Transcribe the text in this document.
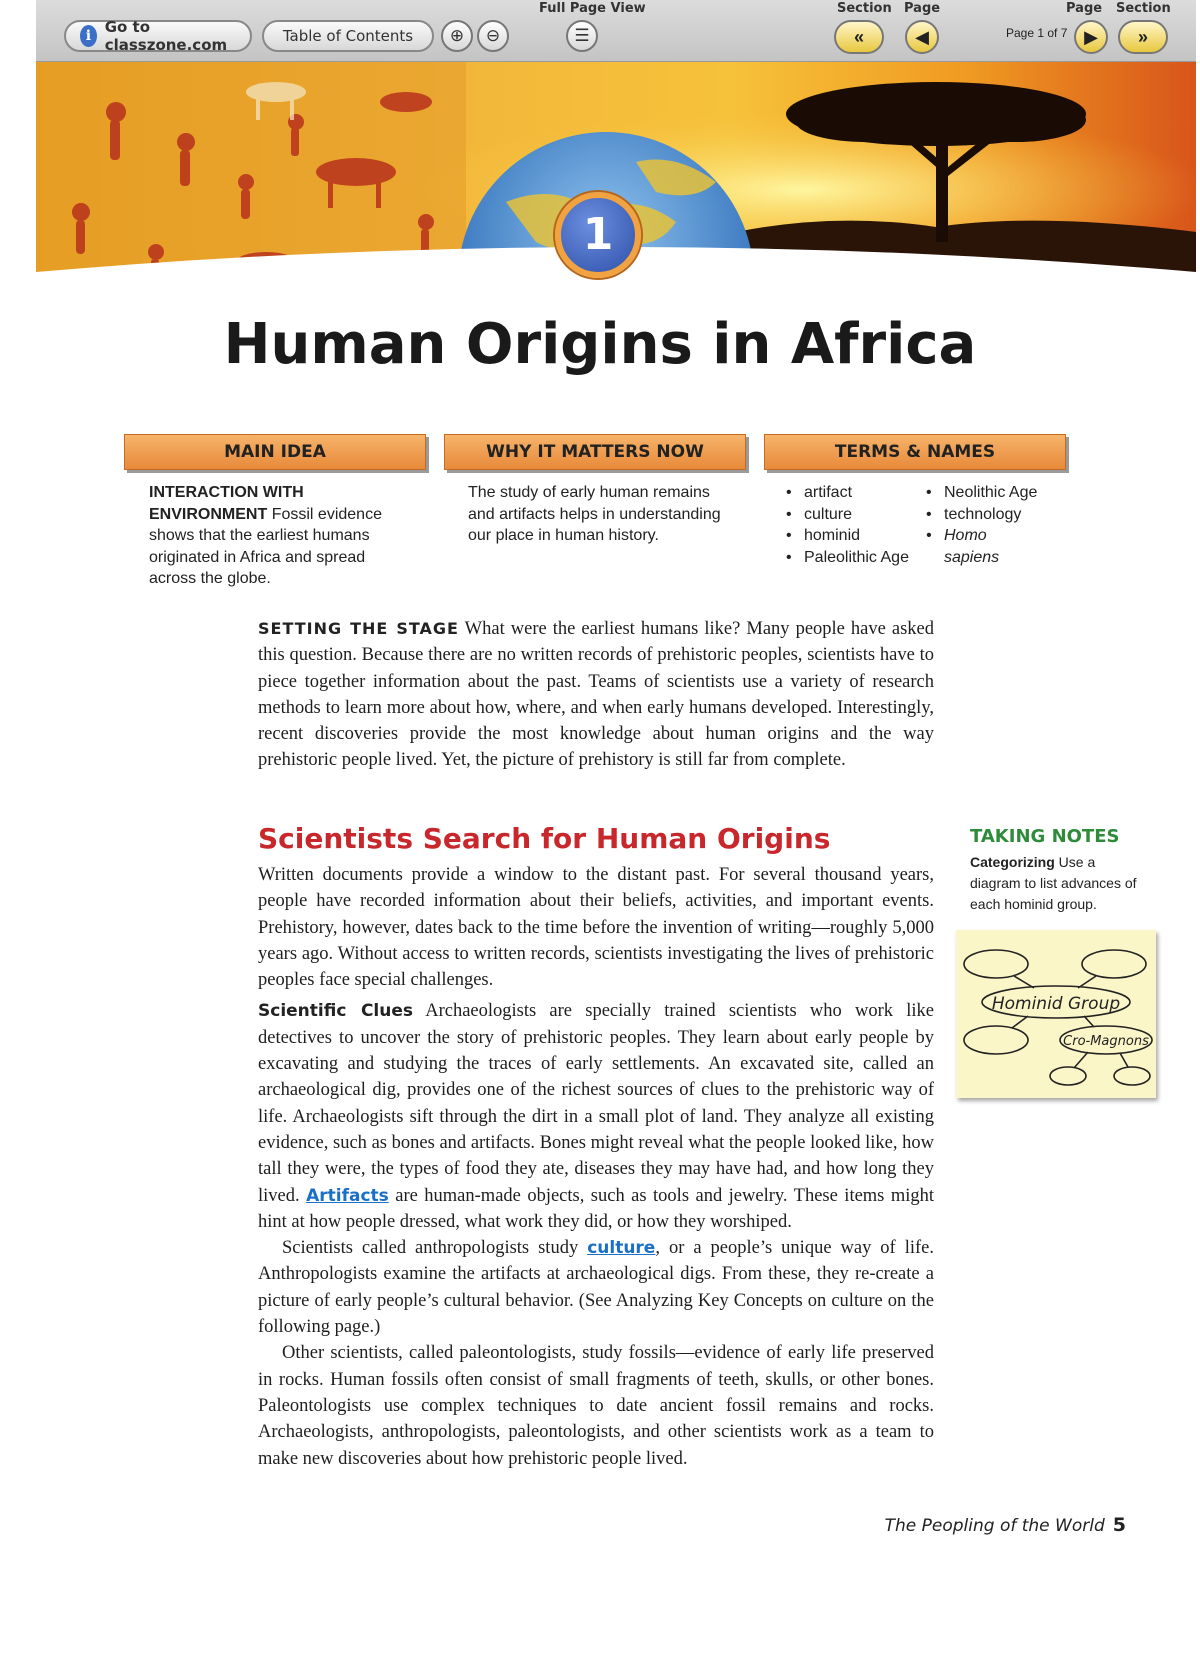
i Go to classzone.com	Table of Contents ⊕ ⊖
Full Page View
☰
Section Page
«	◀	Page 1 of 7
Page Section
▶ »
1
Human Origins in Africa
MAIN IDEA	WHY IT MATTERS NOW	TERMS & NAMES
INTERACTION WITH ENVIRONMENT Fossil evidence shows that the earliest humans originated in Africa and spread across the globe.
The study of early human remains and artifacts helps in understanding our place in human history.
• artifact
• culture
• hominid
• Paleolithic Age
• Neolithic Age
• technology
• Homo sapiens

SETTING THE STAGE What were the earliest humans like? Many people have asked this question. Because there are no written records of prehistoric peoples, scientists have to piece together information about the past. Teams of scientists use a variety of research methods to learn more about how, where, and when early humans developed. Interestingly, recent discoveries provide the most knowledge about human origins and the way prehistoric people lived. Yet, the picture of prehistory is still far from complete.

Scientists Search for Human Origins

Written documents provide a window to the distant past. For several thousand years, people have recorded information about their beliefs, activities, and important events. Prehistory, however, dates back to the time before the invention of writing—roughly 5,000 years ago. Without access to written records, scientists investigating the lives of prehistoric peoples face special challenges.

Scientific Clues Archaeologists are specially trained scientists who work like detectives to uncover the story of prehistoric peoples. They learn about early people by excavating and studying the traces of early settlements. An excavated site, called an archaeological dig, provides one of the richest sources of clues to the prehistoric way of life. Archaeologists sift through the dirt in a small plot of land. They analyze all existing evidence, such as bones and artifacts. Bones might reveal what the people looked like, how tall they were, the types of food they ate, diseases they may have had, and how long they lived. Artifacts are human-made objects, such as tools and jewelry. These items might hint at how people dressed, what work they did, or how they worshiped.

Scientists called anthropologists study culture, or a people’s unique way of life. Anthropologists examine the artifacts at archaeological digs. From these, they re-create a picture of early people’s cultural behavior. (See Analyzing Key Concepts on culture on the following page.)

Other scientists, called paleontologists, study fossils—evidence of early life preserved in rocks. Human fossils often consist of small fragments of teeth, skulls, or other bones. Paleontologists use complex techniques to date ancient fossil remains and rocks. Archaeologists, anthropologists, paleontologists, and other scientists work as a team to make new discoveries about how prehistoric people lived.

TAKING NOTES
Categorizing Use a diagram to list advances of each hominid group.
Hominid Group
Cro-Magnons
The Peopling of the World 5
